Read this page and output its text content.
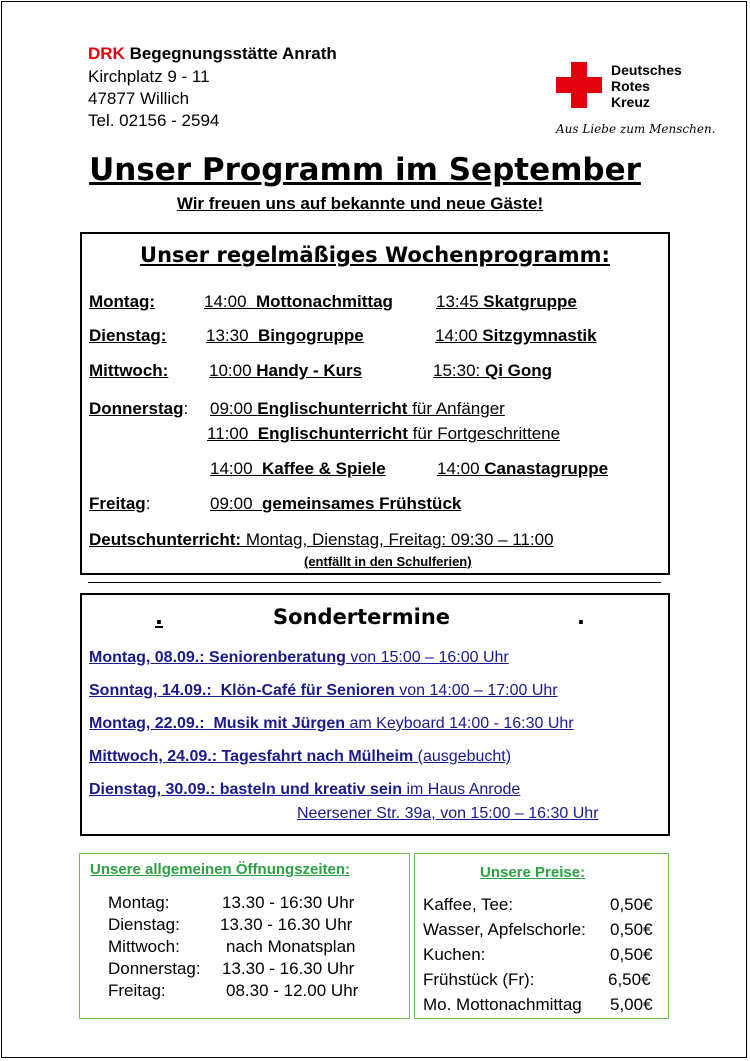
DRK Begegnungsstätte Anrath
Kirchplatz 9 - 11
47877 Willich
Tel. 02156 - 2594
Deutsches
Rotes
Kreuz
Aus Liebe zum Menschen.
Unser Programm im September
Wir freuen uns auf bekannte und neue Gäste!
Unser regelmäßiges Wochenprogramm:
Montag:	14:00 Mottonachmittag	13:45 Skatgruppe
Dienstag: 13:30 Bingogruppe	14:00 Sitzgymnastik
Mittwoch: 10:00 Handy - Kurs	15:30: Qi Gong
Donnerstag: 09:00 Englischunterricht für Anfänger
11:00 Englischunterricht für Fortgeschrittene
14:00 Kaffee & Spiele	14:00 Canastagruppe
Freitag:	09:00 gemeinsames Frühstück
Deutschunterricht: Montag, Dienstag, Freitag: 09:30 – 11:00
(entfällt in den Schulferien)
.	Sondertermine	.
Montag, 08.09.: Seniorenberatung von 15:00 – 16:00 Uhr
Sonntag, 14.09.: Klön-Café für Senioren von 14:00 – 17:00 Uhr
Montag, 22.09.: Musik mit Jürgen am Keyboard 14:00 - 16:30 Uhr
Mittwoch, 24.09.: Tagesfahrt nach Mülheim (ausgebucht)
Dienstag, 30.09.: basteln und kreativ sein im Haus Anrode
Neersener Str. 39a, von 15:00 – 16:30 Uhr
Unsere allgemeinen Öffnungszeiten:
Montag:	13.30 - 16:30 Uhr
Dienstag: 13.30 - 16.30 Uhr
Mittwoch:	nach Monatsplan
Donnerstag: 13.30 - 16.30 Uhr
Freitag:	08.30 - 12.00 Uhr
Unsere Preise:
Kaffee, Tee:	0,50€
Wasser, Apfelschorle: 0,50€
Kuchen:	0,50€
Frühstück (Fr):	6,50€
Mo. Mottonachmittag 5,00€
